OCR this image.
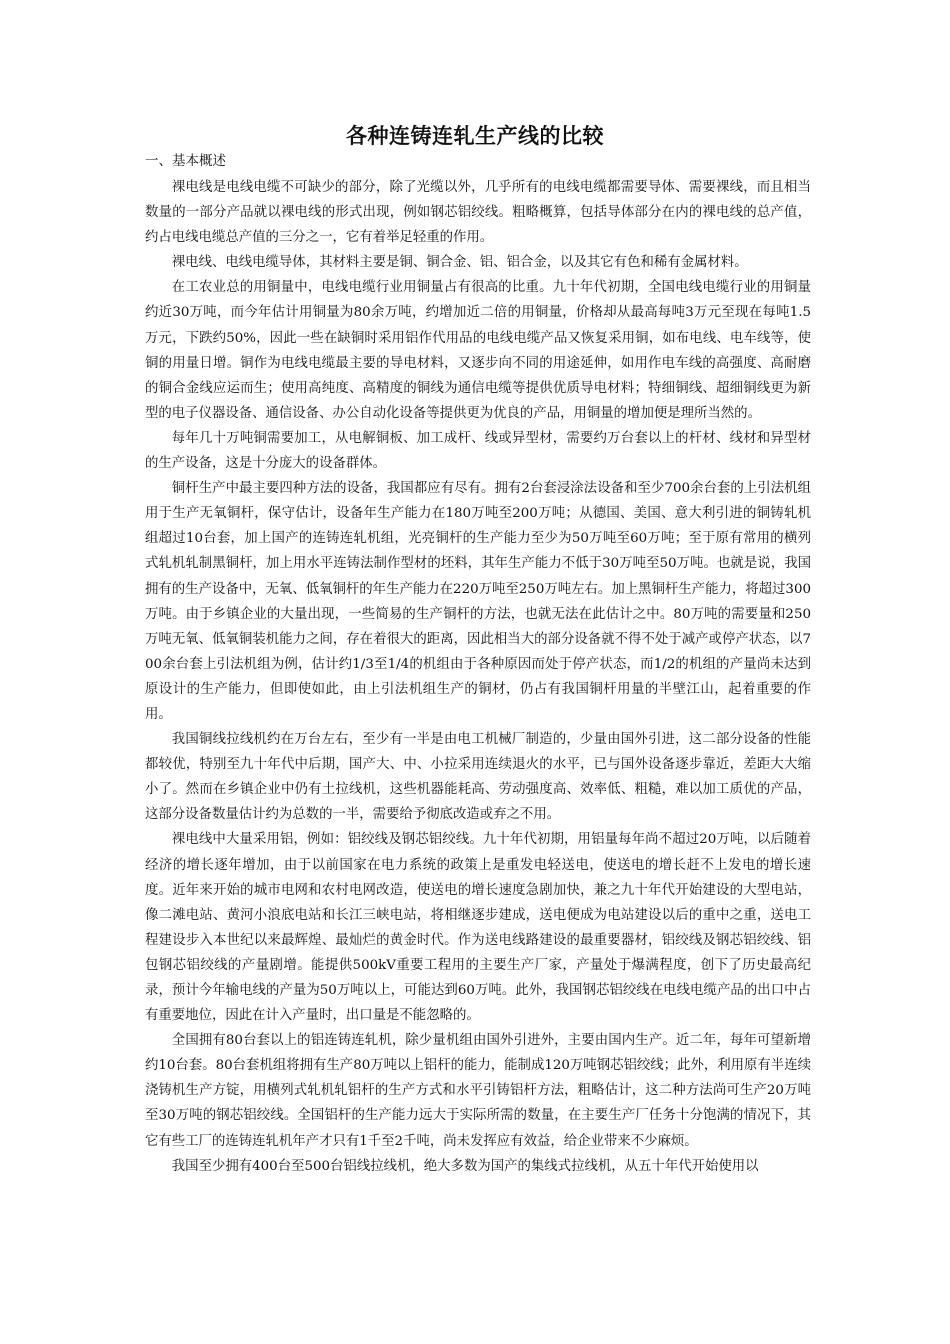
各种连铸连轧生产线的比较
一、基本概述

裸电线是电线电缆不可缺少的部分，除了光缆以外，几乎所有的电线电缆都需要导体、需要裸线，而且相当数量的一部分产品就以裸电线的形式出现，例如钢芯铝绞线。粗略概算，包括导体部分在内的裸电线的总产值，约占电线电缆总产值的三分之一，它有着举足轻重的作用。

裸电线、电线电缆导体，其材料主要是铜、铜合金、铝、铝合金，以及其它有色和稀有金属材料。

在工农业总的用铜量中，电线电缆行业用铜量占有很高的比重。九十年代初期，全国电线电缆行业的用铜量约近30万吨，而今年估计用铜量为80余万吨，约增加近二倍的用铜量，价格却从最高每吨3万元至现在每吨1.5万元，下跌约50%，因此一些在缺铜时采用铝作代用品的电线电缆产品又恢复采用铜，如布电线、电车线等，使铜的用量日增。铜作为电线电缆最主要的导电材料，又逐步向不同的用途延伸，如用作电车线的高强度、高耐磨的铜合金线应运而生；使用高纯度、高精度的铜线为通信电缆等提供优质导电材料；特细铜线、超细铜线更为新型的电子仪器设备、通信设备、办公自动化设备等提供更为优良的产品，用铜量的增加便是理所当然的。

每年几十万吨铜需要加工，从电解铜板、加工成杆、线或异型材，需要约万台套以上的杆材、线材和异型材的生产设备，这是十分庞大的设备群体。

铜杆生产中最主要四种方法的设备，我国都应有尽有。拥有2台套浸涂法设备和至少700余台套的上引法机组用于生产无氧铜杆，保守估计，设备年生产能力在180万吨至200万吨；从德国、美国、意大利引进的铜铸轧机组超过10台套，加上国产的连铸连轧机组，光亮铜杆的生产能力至少为50万吨至60万吨；至于原有常用的横列式轧机轧制黑铜杆，加上用水平连铸法制作型材的坯料，其年生产能力不低于30万吨至50万吨。也就是说，我国拥有的生产设备中，无氧、低氧铜杆的年生产能力在220万吨至250万吨左右。加上黑铜杆生产能力，将超过300万吨。由于乡镇企业的大量出现，一些简易的生产铜杆的方法，也就无法在此估计之中。80万吨的需要量和250万吨无氧、低氧铜装机能力之间，存在着很大的距离，因此相当大的部分设备就不得不处于减产或停产状态，以700余台套上引法机组为例，估计约1/3至1/4的机组由于各种原因而处于停产状态，而1/2的机组的产量尚未达到原设计的生产能力，但即使如此，由上引法机组生产的铜材，仍占有我国铜杆用量的半壁江山，起着重要的作用。

我国铜线拉线机约在万台左右，至少有一半是由电工机械厂制造的，少量由国外引进，这二部分设备的性能都较优，特别至九十年代中后期，国产大、中、小拉采用连续退火的水平，已与国外设备逐步靠近，差距大大缩小了。然而在乡镇企业中仍有土拉线机，这些机器能耗高、劳动强度高、效率低、粗糙，难以加工质优的产品，这部分设备数量估计约为总数的一半，需要给予彻底改造或弃之不用。

裸电线中大量采用铝，例如：铝绞线及钢芯铝绞线。九十年代初期，用铝量每年尚不超过20万吨，以后随着经济的增长逐年增加，由于以前国家在电力系统的政策上是重发电轻送电，使送电的增长赶不上发电的增长速度。近年来开始的城市电网和农村电网改造，使送电的增长速度急剧加快，兼之九十年代开始建设的大型电站，像二滩电站、黄河小浪底电站和长江三峡电站，将相继逐步建成，送电便成为电站建设以后的重中之重，送电工程建设步入本世纪以来最辉煌、最灿烂的黄金时代。作为送电线路建设的最重要器材，铝绞线及钢芯铝绞线、铝包钢芯铝绞线的产量剧增。能提供500kV重要工程用的主要生产厂家，产量处于爆满程度，创下了历史最高纪录，预计今年输电线的产量为50万吨以上，可能达到60万吨。此外，我国钢芯铝绞线在电线电缆产品的出口中占有重要地位，因此在计入产量时，出口量是不能忽略的。

全国拥有80台套以上的铝连铸连轧机，除少量机组由国外引进外，主要由国内生产。近二年，每年可望新增约10台套。80台套机组将拥有生产80万吨以上铝杆的能力，能制成120万吨钢芯铝绞线；此外，利用原有半连续浇铸机生产方锭，用横列式轧机轧铝杆的生产方式和水平引铸铝杆方法，粗略估计，这二种方法尚可生产20万吨至30万吨的钢芯铝绞线。全国铝杆的生产能力远大于实际所需的数量，在主要生产厂任务十分饱满的情况下，其它有些工厂的连铸连轧机年产才只有1千至2千吨，尚未发挥应有效益，给企业带来不少麻烦。

我国至少拥有400台至500台铝线拉线机，绝大多数为国产的集线式拉线机，从五十年代开始使用以
